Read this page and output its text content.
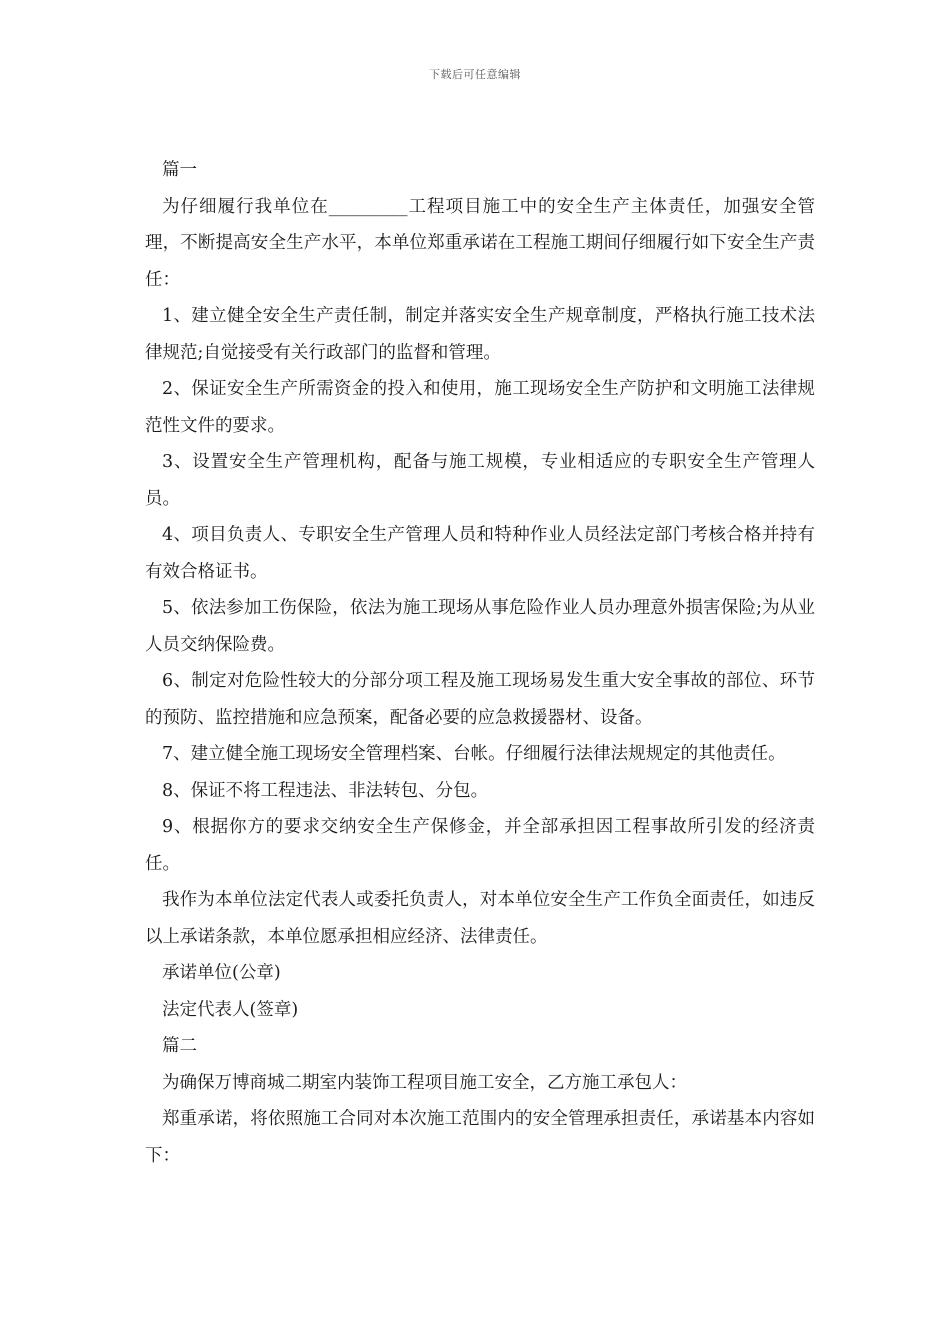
下载后可任意编辑

篇一

为仔细履行我单位在_________工程项目施工中的安全生产主体责任，加强安全管理，不断提高安全生产水平，本单位郑重承诺在工程施工期间仔细履行如下安全生产责任：

1、建立健全安全生产责任制，制定并落实安全生产规章制度，严格执行施工技术法律规范;自觉接受有关行政部门的监督和管理。

2、保证安全生产所需资金的投入和使用，施工现场安全生产防护和文明施工法律规范性文件的要求。

3、设置安全生产管理机构，配备与施工规模，专业相适应的专职安全生产管理人员。

4、项目负责人、专职安全生产管理人员和特种作业人员经法定部门考核合格并持有有效合格证书。

5、依法参加工伤保险，依法为施工现场从事危险作业人员办理意外损害保险;为从业人员交纳保险费。

6、制定对危险性较大的分部分项工程及施工现场易发生重大安全事故的部位、环节的预防、监控措施和应急预案，配备必要的应急救援器材、设备。

7、建立健全施工现场安全管理档案、台帐。仔细履行法律法规规定的其他责任。

8、保证不将工程违法、非法转包、分包。

9、根据你方的要求交纳安全生产保修金，并全部承担因工程事故所引发的经济责任。

我作为本单位法定代表人或委托负责人，对本单位安全生产工作负全面责任，如违反以上承诺条款，本单位愿承担相应经济、法律责任。

承诺单位(公章)

法定代表人(签章)

篇二

为确保万博商城二期室内装饰工程项目施工安全，乙方施工承包人：

郑重承诺，将依照施工合同对本次施工范围内的安全管理承担责任，承诺基本内容如下：
